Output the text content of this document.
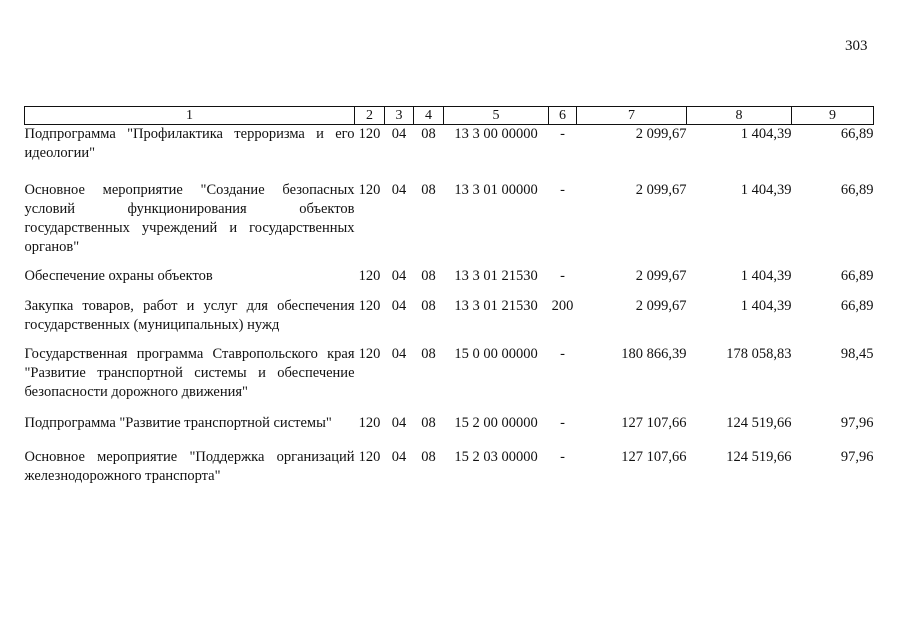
303
1	2	3	4	5	6	7	8	9
Подпрограмма "Профилактика терроризма и его идеологии"	120	04	08	13 3 00 00000	-	2 099,67	1 404,39	66,89

Основное мероприятие "Создание безопасных условий функционирования объектов государственных учреждений и государственных органов"	120	04	08	13 3 01 00000	-	2 099,67	1 404,39	66,89

Обеспечение охраны объектов	120	04	08	13 3 01 21530	-	2 099,67	1 404,39	66,89

Закупка товаров, работ и услуг для обеспечения государственных (муниципальных) нужд	120	04	08	13 3 01 21530	200	2 099,67	1 404,39	66,89

Государственная программа Ставропольского края "Развитие транспортной системы и обеспечение безопасности дорожного движения"	120	04	08	15 0 00 00000	-	180 866,39	178 058,83	98,45

Подпрограмма "Развитие транспортной системы"	120	04	08	15 2 00 00000	-	127 107,66	124 519,66	97,96

Основное мероприятие "Поддержка организаций железнодорожного транспорта"	120	04	08	15 2 03 00000	-	127 107,66	124 519,66	97,96
